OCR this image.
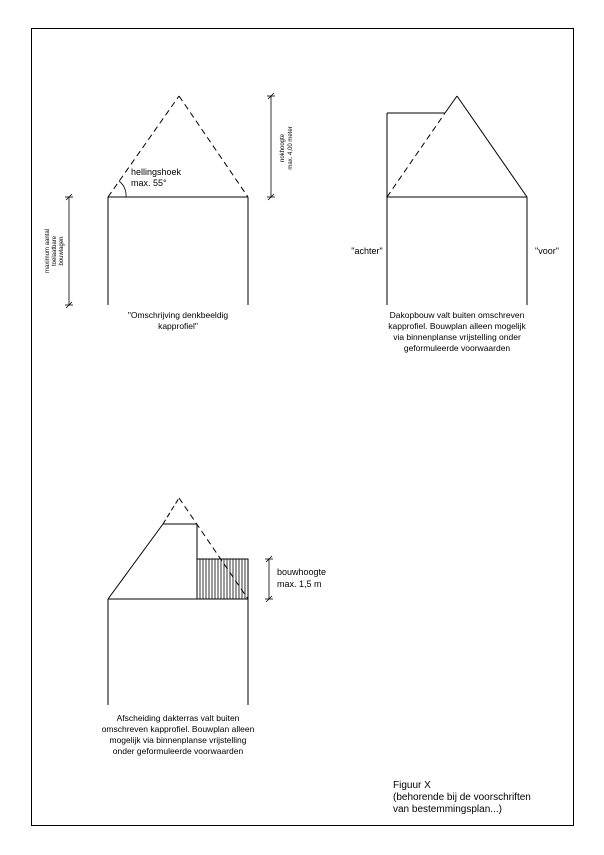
hellingshoek
max. 55°
nokhoogte max. 4,00 meter
maximum aantal toelaatbare bouwlagen	"achter"	"voor"
bouwhoogte
max. 1,5 m
"Omschrijving denkbeeldig
kapprofiel"
Dakopbouw valt buiten omschreven
kapprofiel. Bouwplan alleen mogelijk
via binnenplanse vrijstelling onder
geformuleerde voorwaarden
Afscheiding dakterras valt buiten
omschreven kapprofiel. Bouwplan alleen
mogelijk via binnenplanse vrijstelling
onder geformuleerde voorwaarden
Figuur X
(behorende bij de voorschriften
van bestemmingsplan...)
